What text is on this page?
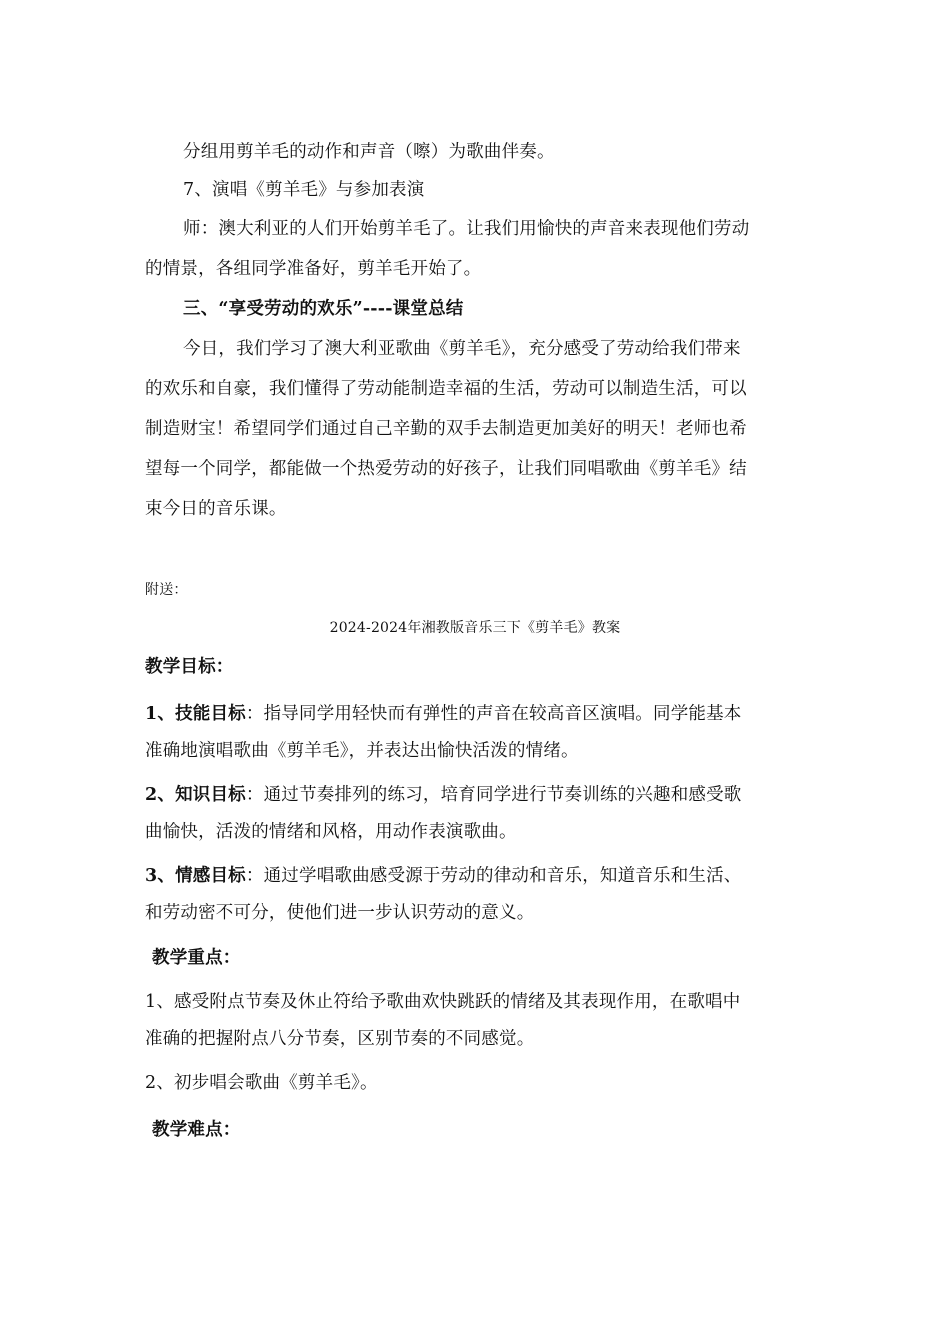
分组用剪羊毛的动作和声音（嚓）为歌曲伴奏。
7、演唱《剪羊毛》与参加表演
师：澳大利亚的人们开始剪羊毛了。让我们用愉快的声音来表现他们劳动
的情景，各组同学准备好，剪羊毛开始了。
三、“享受劳动的欢乐”----课堂总结
今日，我们学习了澳大利亚歌曲《剪羊毛》，充分感受了劳动给我们带来
的欢乐和自豪，我们懂得了劳动能制造幸福的生活，劳动可以制造生活，可以
制造财宝！希望同学们通过自己辛勤的双手去制造更加美好的明天！老师也希
望每一个同学，都能做一个热爱劳动的好孩子，让我们同唱歌曲《剪羊毛》结
束今日的音乐课。
附送：
2024-2024年湘教版音乐三下《剪羊毛》教案
教学目标：
1、技能目标：指导同学用轻快而有弹性的声音在较高音区演唱。同学能基本
准确地演唱歌曲《剪羊毛》，并表达出愉快活泼的情绪。
2、知识目标：通过节奏排列的练习，培育同学进行节奏训练的兴趣和感受歌
曲愉快，活泼的情绪和风格，用动作表演歌曲。
3、情感目标：通过学唱歌曲感受源于劳动的律动和音乐，知道音乐和生活、
和劳动密不可分，使他们进一步认识劳动的意义。
教学重点：
1、感受附点节奏及休止符给予歌曲欢快跳跃的情绪及其表现作用，在歌唱中
准确的把握附点八分节奏，区别节奏的不同感觉。
2、初步唱会歌曲《剪羊毛》。
教学难点：
